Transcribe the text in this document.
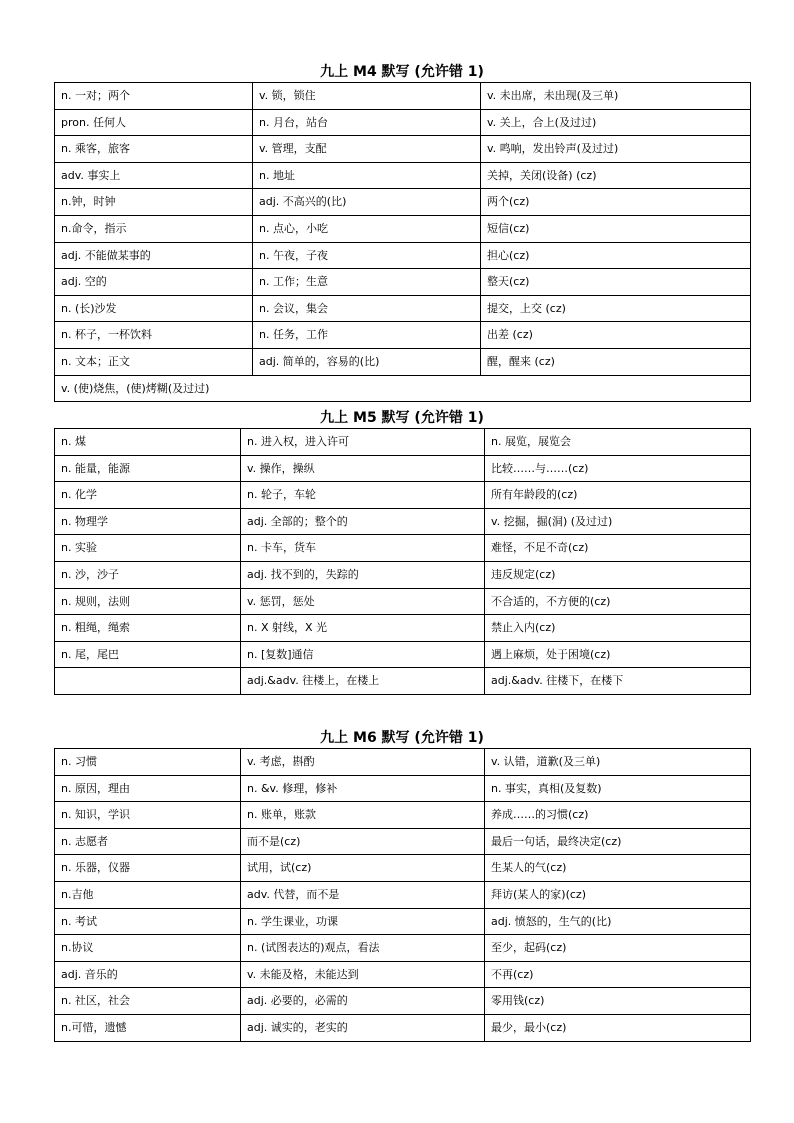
九上 M4 默写 (允许错 1)
n. 一对；两个	v. 锁，锁住	v. 未出席，未出现(及三单)
pron. 任何人	n. 月台，站台	v. 关上，合上(及过过)
n. 乘客，旅客	v. 管理，支配	v. 鸣响，发出铃声(及过过)
adv. 事实上	n. 地址	关掉，关闭(设备) (cz)
n.钟，时钟	adj. 不高兴的(比)	两个(cz)
n.命令，指示	n. 点心，小吃	短信(cz)
adj. 不能做某事的	n. 午夜，子夜	担心(cz)
adj. 空的	n. 工作；生意	整天(cz)
n. (长)沙发	n. 会议，集会	提交，上交 (cz)
n. 杯子，一杯饮料	n. 任务，工作	出差 (cz)
n. 文本；正文	adj. 简单的，容易的(比)	醒，醒来 (cz)
v. (使)烧焦，(使)烤糊(及过过)		
九上 M5 默写 (允许错 1)
n. 煤	n. 进入权，进入许可	n. 展览，展览会
n. 能量，能源	v. 操作，操纵	比较……与……(cz)
n. 化学	n. 轮子，车轮	所有年龄段的(cz)
n. 物理学	adj. 全部的；整个的	v. 挖掘，掘(洞) (及过过)
n. 实验	n. 卡车，货车	难怪，不足不奇(cz)
n. 沙，沙子	adj. 找不到的，失踪的	违反规定(cz)
n. 规则，法则	v. 惩罚，惩处	不合适的，不方便的(cz)
n. 粗绳，绳索	n. X 射线，X 光	禁止入内(cz)
n. 尾，尾巴	n. [复数]通信	遇上麻烦，处于困境(cz)
	adj.&adv. 往楼上，在楼上	adj.&adv. 往楼下，在楼下
九上 M6 默写 (允许错 1)
n. 习惯	v. 考虑，斟酌	v. 认错，道歉(及三单)
n. 原因，理由	n. &v. 修理，修补	n. 事实，真相(及复数)
n. 知识，学识	n. 账单，账款	养成……的习惯(cz)
n. 志愿者	而不是(cz)	最后一句话，最终决定(cz)
n. 乐器，仪器	试用，试(cz)	生某人的气(cz)
n.吉他	adv. 代替，而不是	拜访(某人的家)(cz)
n. 考试	n. 学生课业，功课	adj. 愤怒的，生气的(比)
n.协议	n. (试图表达的)观点，看法	至少，起码(cz)
adj. 音乐的	v. 未能及格，未能达到	不再(cz)
n. 社区，社会	adj. 必要的，必需的	零用钱(cz)
n.可惜，遗憾	adj. 诚实的，老实的	最少，最小(cz)
